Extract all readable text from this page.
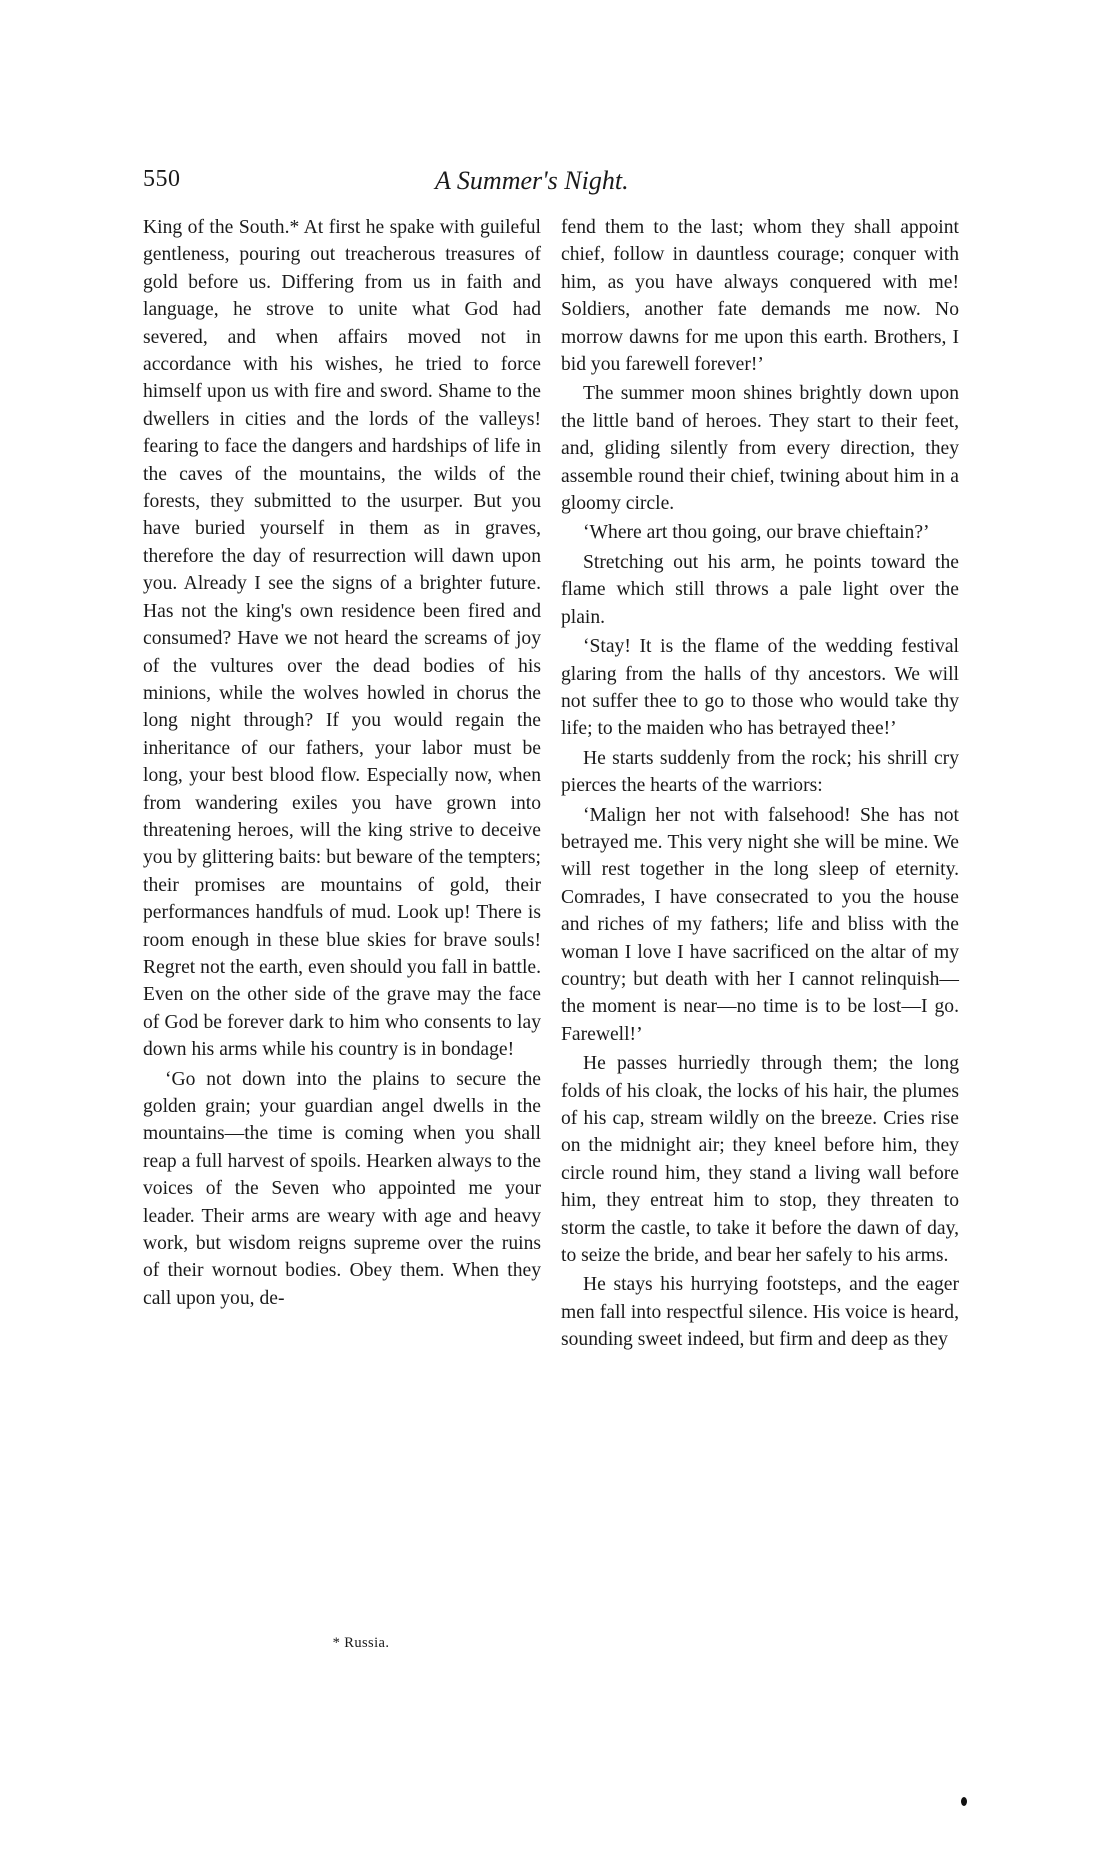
550	A Summer's Night.

King of the South.* At first he spake with guileful gentleness, pouring out treacherous treasures of gold before us. Differing from us in faith and language, he strove to unite what God had severed, and when affairs moved not in accordance with his wishes, he tried to force himself upon us with fire and sword. Shame to the dwellers in cities and the lords of the valleys! fearing to face the dangers and hardships of life in the caves of the mountains, the wilds of the forests, they submitted to the usurper. But you have buried yourself in them as in graves, therefore the day of resurrection will dawn upon you. Already I see the signs of a brighter future. Has not the king's own residence been fired and consumed? Have we not heard the screams of joy of the vultures over the dead bodies of his minions, while the wolves howled in chorus the long night through? If you would regain the inheritance of our fathers, your labor must be long, your best blood flow. Especially now, when from wandering exiles you have grown into threatening heroes, will the king strive to deceive you by glittering baits: but beware of the tempters; their promises are mountains of gold, their performances handfuls of mud. Look up! There is room enough in these blue skies for brave souls! Regret not the earth, even should you fall in battle. Even on the other side of the grave may the face of God be forever dark to him who consents to lay down his arms while his country is in bondage!

‘Go not down into the plains to secure the golden grain; your guardian angel dwells in the mountains—the time is coming when you shall reap a full harvest of spoils. Hearken always to the voices of the Seven who appointed me your leader. Their arms are weary with age and heavy work, but wisdom reigns supreme over the ruins of their wornout bodies. Obey them. When they call upon you, de-

* Russia.

fend them to the last; whom they shall appoint chief, follow in dauntless courage; conquer with him, as you have always conquered with me! Soldiers, another fate demands me now. No morrow dawns for me upon this earth. Brothers, I bid you farewell forever!’

The summer moon shines brightly down upon the little band of heroes. They start to their feet, and, gliding silently from every direction, they assemble round their chief, twining about him in a gloomy circle.

‘Where art thou going, our brave chieftain?’

Stretching out his arm, he points toward the flame which still throws a pale light over the plain.

‘Stay! It is the flame of the wedding festival glaring from the halls of thy ancestors. We will not suffer thee to go to those who would take thy life; to the maiden who has betrayed thee!’

He starts suddenly from the rock; his shrill cry pierces the hearts of the warriors:

‘Malign her not with falsehood! She has not betrayed me. This very night she will be mine. We will rest together in the long sleep of eternity. Comrades, I have consecrated to you the house and riches of my fathers; life and bliss with the woman I love I have sacrificed on the altar of my country; but death with her I cannot relinquish—the moment is near—no time is to be lost—I go. Farewell!’

He passes hurriedly through them; the long folds of his cloak, the locks of his hair, the plumes of his cap, stream wildly on the breeze. Cries rise on the midnight air; they kneel before him, they circle round him, they stand a living wall before him, they entreat him to stop, they threaten to storm the castle, to take it before the dawn of day, to seize the bride, and bear her safely to his arms.

He stays his hurrying footsteps, and the eager men fall into respectful silence. His voice is heard, sounding sweet indeed, but firm and deep as they
